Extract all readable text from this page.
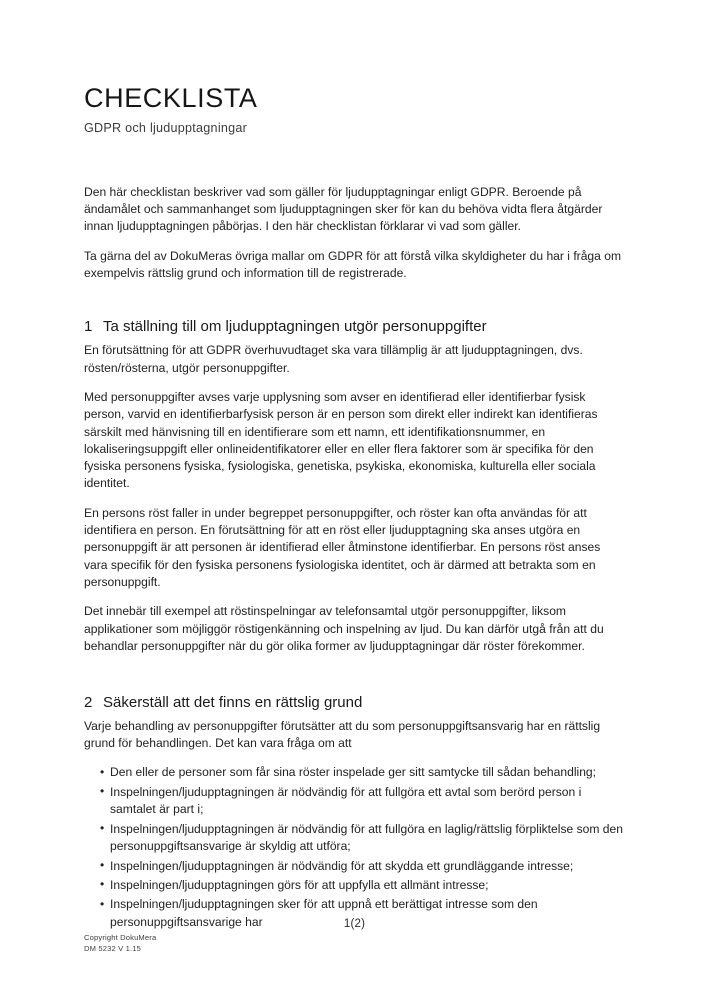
CHECKLISTA
GDPR och ljudupptagningar

Den här checklistan beskriver vad som gäller för ljudupptagningar enligt GDPR. Beroende på ändamålet och sammanhanget som ljudupptagningen sker för kan du behöva vidta flera åtgärder innan ljudupptagningen påbörjas. I den här checklistan förklarar vi vad som gäller.

Ta gärna del av DokuMeras övriga mallar om GDPR för att förstå vilka skyldigheter du har i fråga om exempelvis rättslig grund och information till de registrerade.

1 Ta ställning till om ljudupptagningen utgör personuppgifter

En förutsättning för att GDPR överhuvudtaget ska vara tillämplig är att ljudupptagningen, dvs. rösten/rösterna, utgör personuppgifter.

Med personuppgifter avses varje upplysning som avser en identifierad eller identifierbar fysisk person, varvid en identifierbarfysisk person är en person som direkt eller indirekt kan identifieras särskilt med hänvisning till en identifierare som ett namn, ett identifikationsnummer, en lokaliseringsuppgift eller onlineidentifikatorer eller en eller flera faktorer som är specifika för den fysiska personens fysiska, fysiologiska, genetiska, psykiska, ekonomiska, kulturella eller sociala identitet.

En persons röst faller in under begreppet personuppgifter, och röster kan ofta användas för att identifiera en person. En förutsättning för att en röst eller ljudupptagning ska anses utgöra en personuppgift är att personen är identifierad eller åtminstone identifierbar. En persons röst anses vara specifik för den fysiska personens fysiologiska identitet, och är därmed att betrakta som en personuppgift.

Det innebär till exempel att röstinspelningar av telefonsamtal utgör personuppgifter, liksom applikationer som möjliggör röstigenkänning och inspelning av ljud. Du kan därför utgå från att du behandlar personuppgifter när du gör olika former av ljudupptagningar där röster förekommer.

2 Säkerställ att det finns en rättslig grund

Varje behandling av personuppgifter förutsätter att du som personuppgiftsansvarig har en rättslig grund för behandlingen. Det kan vara fråga om att

• Den eller de personer som får sina röster inspelade ger sitt samtycke till sådan behandling;
• Inspelningen/ljudupptagningen är nödvändig för att fullgöra ett avtal som berörd person i samtalet är part i;
• Inspelningen/ljudupptagningen är nödvändig för att fullgöra en laglig/rättslig förpliktelse som den personuppgiftsansvarige är skyldig att utföra;
• Inspelningen/ljudupptagningen är nödvändig för att skydda ett grundläggande intresse;
• Inspelningen/ljudupptagningen görs för att uppfylla ett allmänt intresse;
• Inspelningen/ljudupptagningen sker för att uppnå ett berättigat intresse som den personuppgiftsansvarige har	1(2)
Copyright DokuMera
DM 5232 V 1.15
